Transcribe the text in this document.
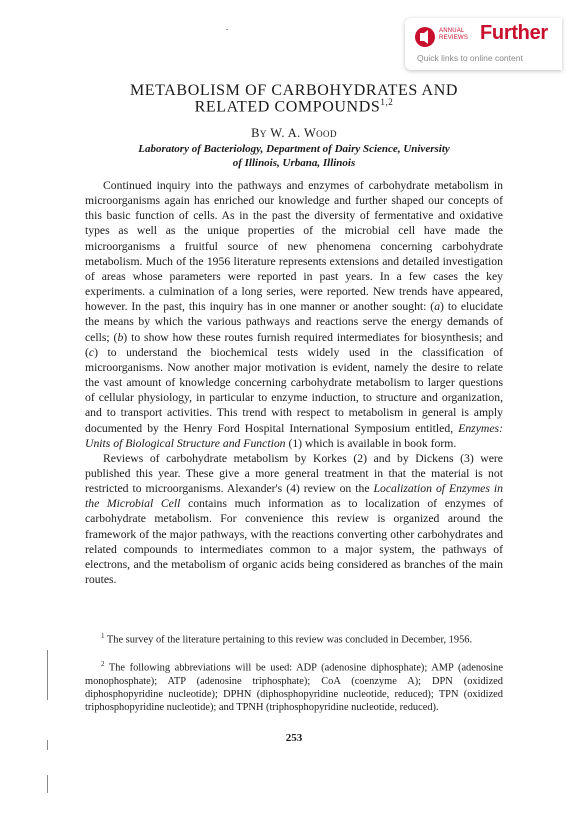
ANNUAL
REVIEWS Further
Quick links to online content
METABOLISM OF CARBOHYDRATES AND
RELATED COMPOUNDS$^{1,2}$
By W. A. Wood
Laboratory of Bacteriology, Department of Dairy Science, University
of Illinois, Urbana, Illinois

Continued inquiry into the pathways and enzymes of carbohydrate metabolism in microorganisms again has enriched our knowledge and further shaped our concepts of this basic function of cells. As in the past the diversity of fermentative and oxidative types as well as the unique properties of the microbial cell have made the microorganisms a fruitful source of new phenomena concerning carbohydrate metabolism. Much of the 1956 literature represents extensions and detailed investigation of areas whose parameters were reported in past years. In a few cases the key experiments. a culmination of a long series, were reported. New trends have appeared, however. In the past, this inquiry has in one manner or another sought: (a) to elucidate the means by which the various pathways and reactions serve the energy demands of cells; (b) to show how these routes furnish required intermediates for biosynthesis; and (c) to understand the biochemical tests widely used in the classification of microorganisms. Now another major motivation is evident, namely the desire to relate the vast amount of knowledge concerning carbohydrate metabolism to larger questions of cellular physiology, in particular to enzyme induction, to structure and organization, and to transport activities. This trend with respect to metabolism in general is amply documented by the Henry Ford Hospital International Symposium entitled, Enzymes: Units of Biological Structure and Function (1) which is available in book form.

Reviews of carbohydrate metabolism by Korkes (2) and by Dickens (3) were published this year. These give a more general treatment in that the material is not restricted to microorganisms. Alexander's (4) review on the Localization of Enzymes in the Microbial Cell contains much information as to localization of enzymes of carbohydrate metabolism. For convenience this review is organized around the framework of the major pathways, with the reactions converting other carbohydrates and related compounds to intermediates common to a major system, the pathways of electrons, and the metabolism of organic acids being considered as branches of the main routes.

$^1$ The survey of the literature pertaining to this review was concluded in December, 1956.

$^2$ The following abbreviations will be used: ADP (adenosine diphosphate); AMP (adenosine monophosphate); ATP (adenosine triphosphate); CoA (coenzyme A); DPN (oxidized diphosphopyridine nucleotide); DPHN (diphosphopyridine nucleotide, reduced); TPN (oxidized triphosphopyridine nucleotide); and TPNH (triphosphopyridine nucleotide, reduced).

253
